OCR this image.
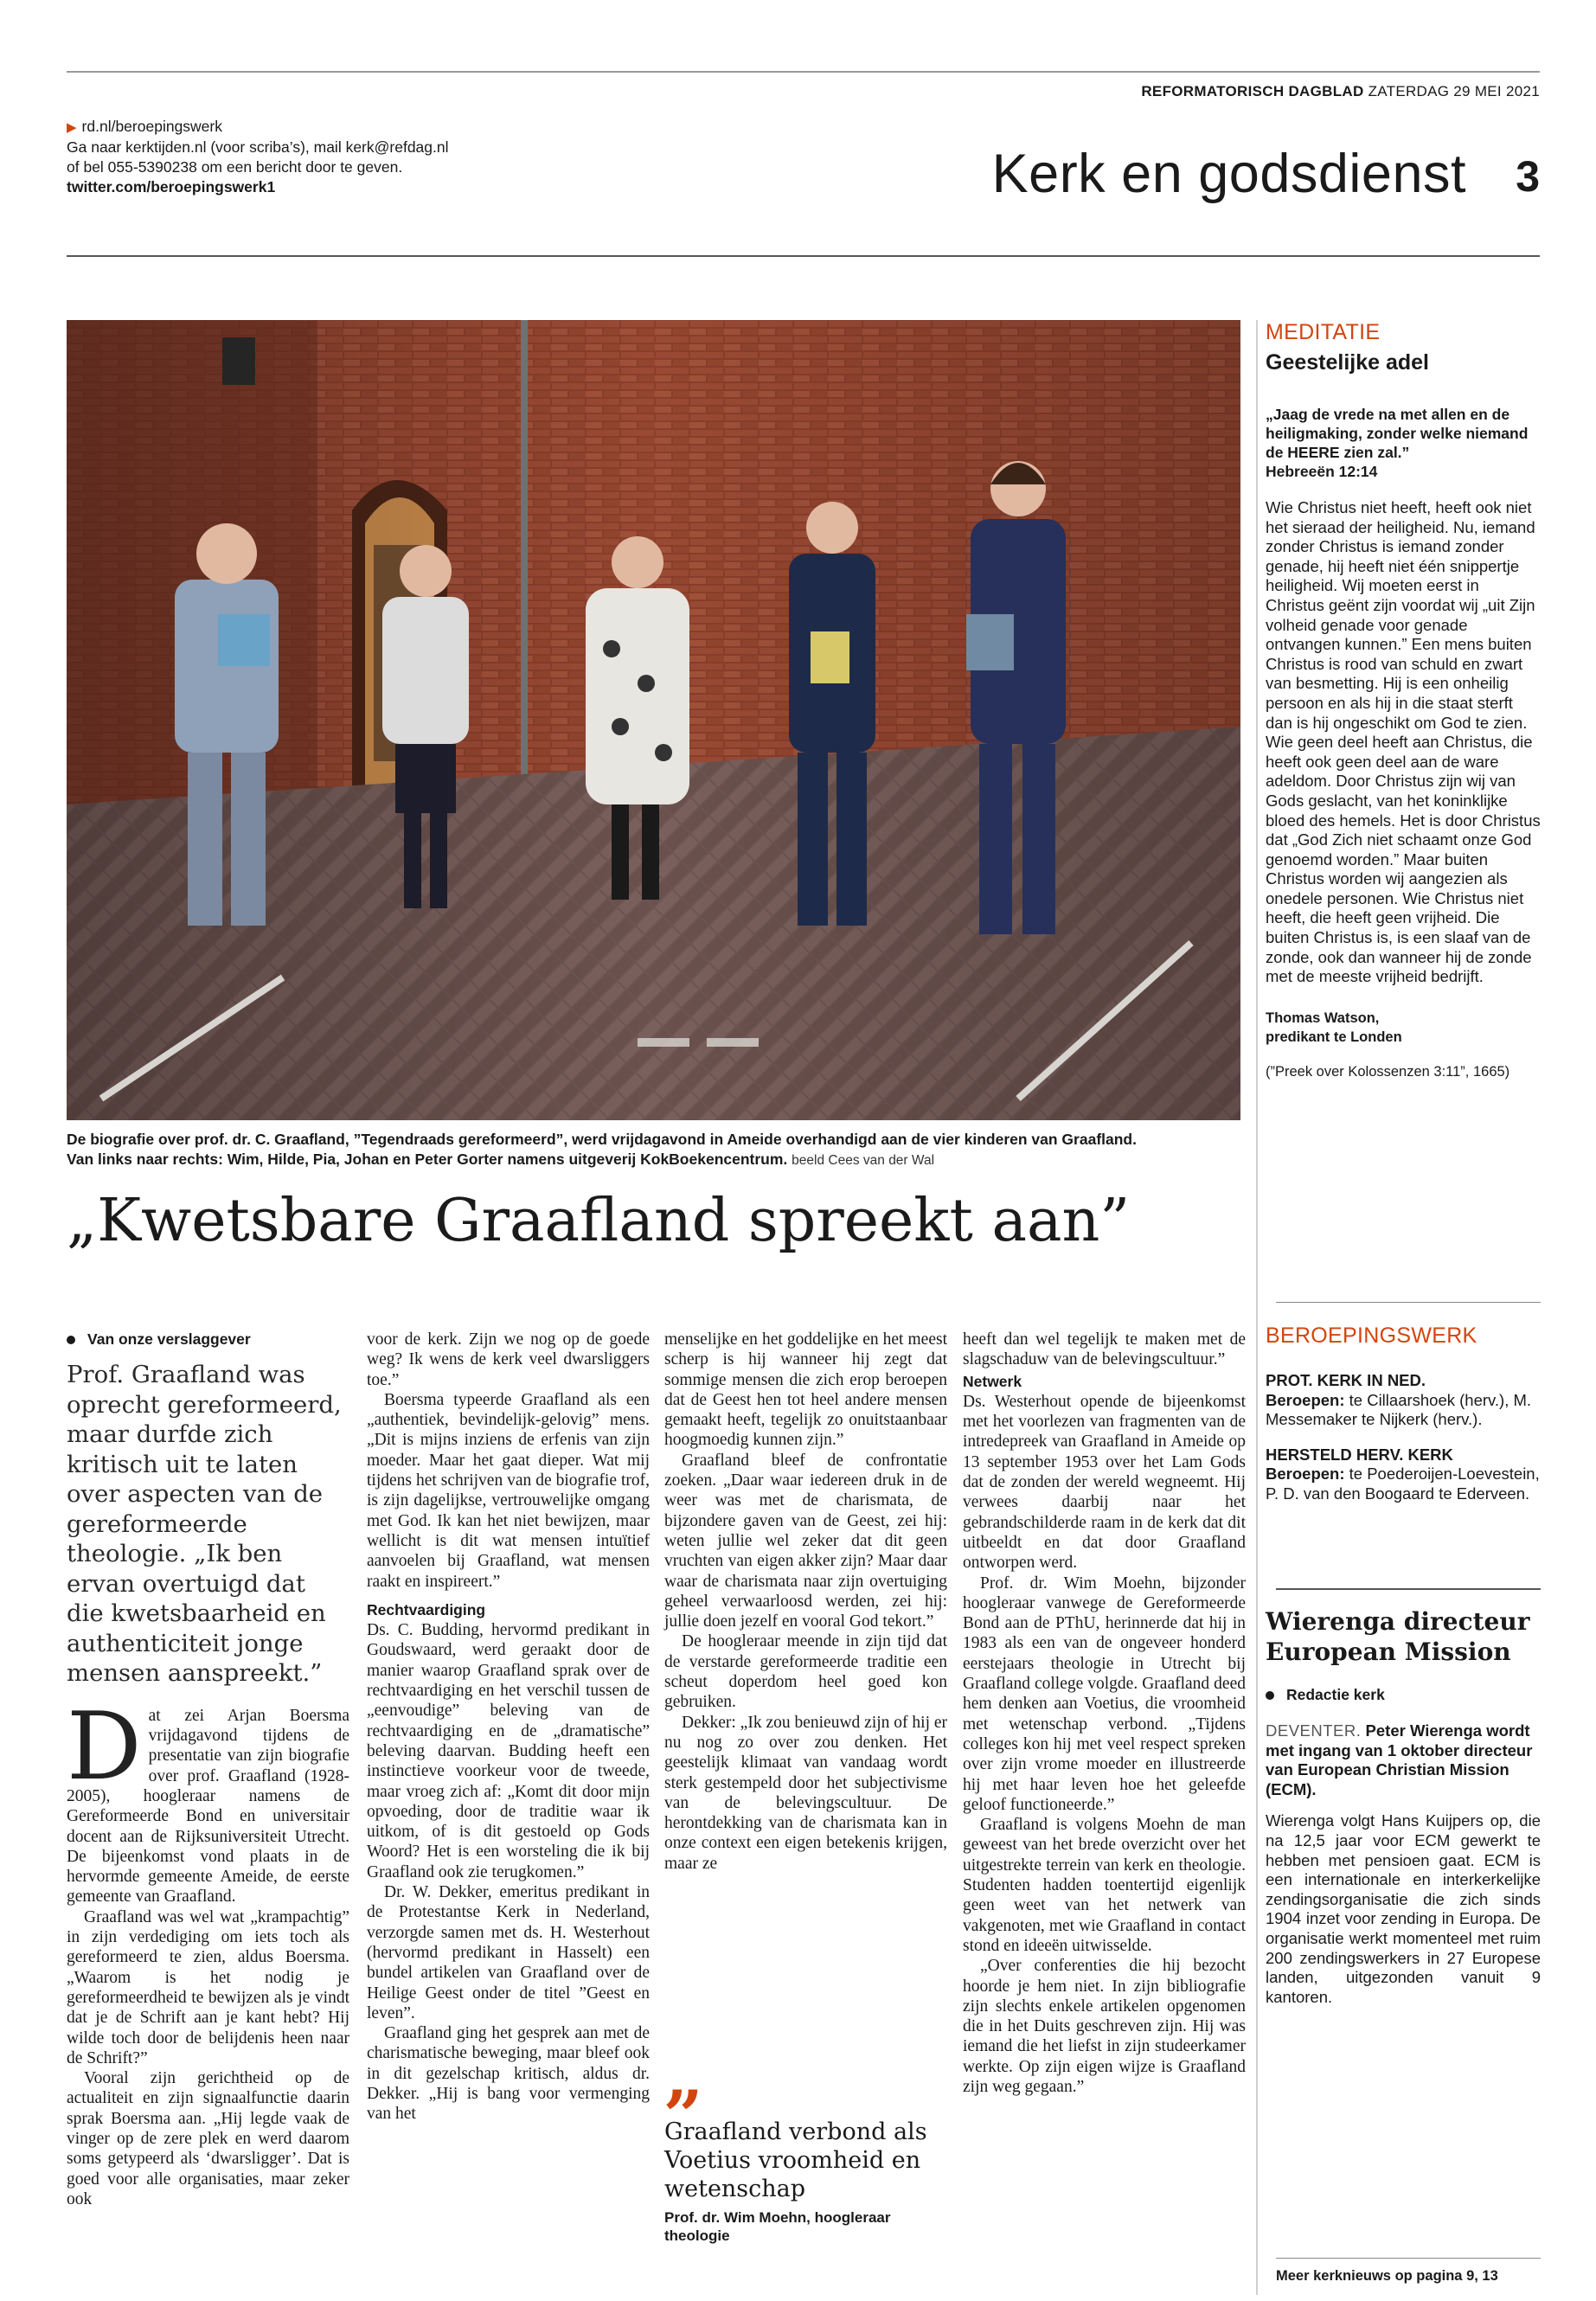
REFORMATORISCH DAGBLAD ZATERDAG 29 MEI 2021
▶ rd.nl/beroepingswerk
Ga naar kerktijden.nl (voor scriba’s), mail kerk@refdag.nl
of bel 055-5390238 om een bericht door te geven.
twitter.com/beroepingswerk1	Kerk en godsdienst 3
De biografie over prof. dr. C. Graafland, ”Tegendraads gereformeerd”, werd vrijdagavond in Ameide overhandigd aan de vier kinderen van Graafland.
Van links naar rechts: Wim, Hilde, Pia, Johan en Peter Gorter namens uitgeverij KokBoekencentrum. beeld Cees van der Wal
„Kwetsbare Graafland spreekt aan”
Van onze verslaggever
Prof. Graafland was oprecht gereformeerd, maar durfde zich kritisch uit te laten over aspecten van de gereformeerde theologie. „Ik ben ervan overtuigd dat die kwetsbaarheid en authenticiteit jonge mensen aanspreekt.”

Dat zei Arjan Boersma vrijdagavond tijdens de presentatie van zijn biografie over prof. Graafland (1928-2005), hoogleraar namens de Gereformeerde Bond en universitair docent aan de Rijksuniversiteit Utrecht. De bijeenkomst vond plaats in de hervormde gemeente Ameide, de eerste gemeente van Graafland.

Graafland was wel wat „krampachtig” in zijn verdediging om iets toch als gereformeerd te zien, aldus Boersma. „Waarom is het nodig je gereformeerdheid te bewijzen als je vindt dat je de Schrift aan je kant hebt? Hij wilde toch door de belijdenis heen naar de Schrift?”

Vooral zijn gerichtheid op de actualiteit en zijn signaalfunctie daarin sprak Boersma aan. „Hij legde vaak de vinger op de zere plek en werd daarom soms getypeerd als ‘dwarsligger’. Dat is goed voor alle organisaties, maar zeker ook

voor de kerk. Zijn we nog op de goede weg? Ik wens de kerk veel dwarsliggers toe.”

Boersma typeerde Graafland als een „authentiek, bevindelijk-gelovig” mens. „Dit is mijns inziens de erfenis van zijn moeder. Maar het gaat dieper. Wat mij tijdens het schrijven van de biografie trof, is zijn dagelijkse, vertrouwelijke omgang met God. Ik kan het niet bewijzen, maar wellicht is dit wat mensen intuïtief aanvoelen bij Graafland, wat mensen raakt en inspireert.”

Rechtvaardiging

Ds. C. Budding, hervormd predikant in Goudswaard, werd geraakt door de manier waarop Graafland sprak over de rechtvaardiging en het verschil tussen de „eenvoudige” beleving van de rechtvaardiging en de „dramatische” beleving daarvan. Budding heeft een instinctieve voorkeur voor de tweede, maar vroeg zich af: „Komt dit door mijn opvoeding, door de traditie waar ik uitkom, of is dit gestoeld op Gods Woord? Het is een worsteling die ik bij Graafland ook zie terugkomen.”

Dr. W. Dekker, emeritus predikant in de Protestantse Kerk in Nederland, verzorgde samen met ds. H. Westerhout (hervormd predikant in Hasselt) een bundel artikelen van Graafland over de Heilige Geest onder de titel ”Geest en leven”.

Graafland ging het gesprek aan met de charismatische beweging, maar bleef ook in dit gezelschap kritisch, aldus dr. Dekker. „Hij is bang voor vermenging van het

menselijke en het goddelijke en het meest scherp is hij wanneer hij zegt dat sommige mensen die zich erop beroepen dat de Geest hen tot heel andere mensen gemaakt heeft, tegelijk zo onuitstaanbaar hoogmoedig kunnen zijn.”

Graafland bleef de confrontatie zoeken. „Daar waar iedereen druk in de weer was met de charismata, de bijzondere gaven van de Geest, zei hij: weten jullie wel zeker dat dit geen vruchten van eigen akker zijn? Maar daar waar de charismata naar zijn overtuiging geheel verwaarloosd werden, zei hij: jullie doen jezelf en vooral God tekort.”

De hoogleraar meende in zijn tijd dat de verstarde gereformeerde traditie een scheut doperdom heel goed kon gebruiken.

Dekker: „Ik zou benieuwd zijn of hij er nu nog zo over zou denken. Het geestelijk klimaat van vandaag wordt sterk gestempeld door het subjectivisme van de belevingscultuur. De herontdekking van de charismata kan in onze context een eigen betekenis krijgen, maar ze

„
Graafland verbond als Voetius vroomheid en wetenschap
Prof. dr. Wim Moehn, hoogleraar theologie

heeft dan wel tegelijk te maken met de slagschaduw van de belevingscultuur.”

Netwerk

Ds. Westerhout opende de bijeenkomst met het voorlezen van fragmenten van de intredepreek van Graafland in Ameide op 13 september 1953 over het Lam Gods dat de zonden der wereld wegneemt. Hij verwees daarbij naar het gebrandschilderde raam in de kerk dat dit uitbeeldt en dat door Graafland ontworpen werd.

Prof. dr. Wim Moehn, bijzonder hoogleraar vanwege de Gereformeerde Bond aan de PThU, herinnerde dat hij in 1983 als een van de ongeveer honderd eerstejaars theologie in Utrecht bij Graafland college volgde. Graafland deed hem denken aan Voetius, die vroomheid met wetenschap verbond. „Tijdens colleges kon hij met veel respect spreken over zijn vrome moeder en illustreerde hij met haar leven hoe het geleefde geloof functioneerde.”

Graafland is volgens Moehn de man geweest van het brede overzicht over het uitgestrekte terrein van kerk en theologie. Studenten hadden toentertijd eigenlijk geen weet van het netwerk van vakgenoten, met wie Graafland in contact stond en ideeën uitwisselde.

„Over conferenties die hij bezocht hoorde je hem niet. In zijn bibliografie zijn slechts enkele artikelen opgenomen die in het Duits geschreven zijn. Hij was iemand die het liefst in zijn studeerkamer werkte. Op zijn eigen wijze is Graafland zijn weg gegaan.”

MEDITATIE
Geestelijke adel
„Jaag de vrede na met allen en de heiligmaking, zonder welke niemand de HEERE zien zal.”
Hebreeën 12:14
Wie Christus niet heeft, heeft ook niet het sieraad der heiligheid. Nu, iemand zonder Christus is iemand zonder genade, hij heeft niet één snippertje heiligheid. Wij moeten eerst in Christus geënt zijn voordat wij „uit Zijn volheid genade voor genade ontvangen kunnen.” Een mens buiten Christus is rood van schuld en zwart van besmetting. Hij is een onheilig persoon en als hij in die staat sterft dan is hij ongeschikt om God te zien. Wie geen deel heeft aan Christus, die heeft ook geen deel aan de ware adeldom. Door Christus zijn wij van Gods geslacht, van het koninklijke bloed des hemels. Het is door Christus dat „God Zich niet schaamt onze God genoemd worden.” Maar buiten Christus worden wij aangezien als onedele personen. Wie Christus niet heeft, die heeft geen vrijheid. Die buiten Christus is, is een slaaf van de zonde, ook dan wanneer hij de zonde met de meeste vrijheid bedrijft.
Thomas Watson,
predikant te Londen
(”Preek over Kolossenzen 3:11”, 1665)
BEROEPINGSWERK
PROT. KERK IN NED.
Beroepen: te Cillaarshoek (herv.), M. Messemaker te Nijkerk (herv.).
HERSTELD HERV. KERK
Beroepen: te Poederoijen-Loevestein, P. D. van den Boogaard te Ederveen.
Wierenga directeur European Mission
Redactie kerk
DEVENTER. Peter Wierenga wordt met ingang van 1 oktober directeur van European Christian Mission (ECM).
Wierenga volgt Hans Kuijpers op, die na 12,5 jaar voor ECM gewerkt te hebben met pensioen gaat. ECM is een internationale en interkerkelijke zendingsorganisatie die zich sinds 1904 inzet voor zending in Europa. De organisatie werkt momenteel met ruim 200 zendingswerkers in 27 Europese landen, uitgezonden vanuit 9 kantoren.
Meer kerknieuws op pagina 9, 13
